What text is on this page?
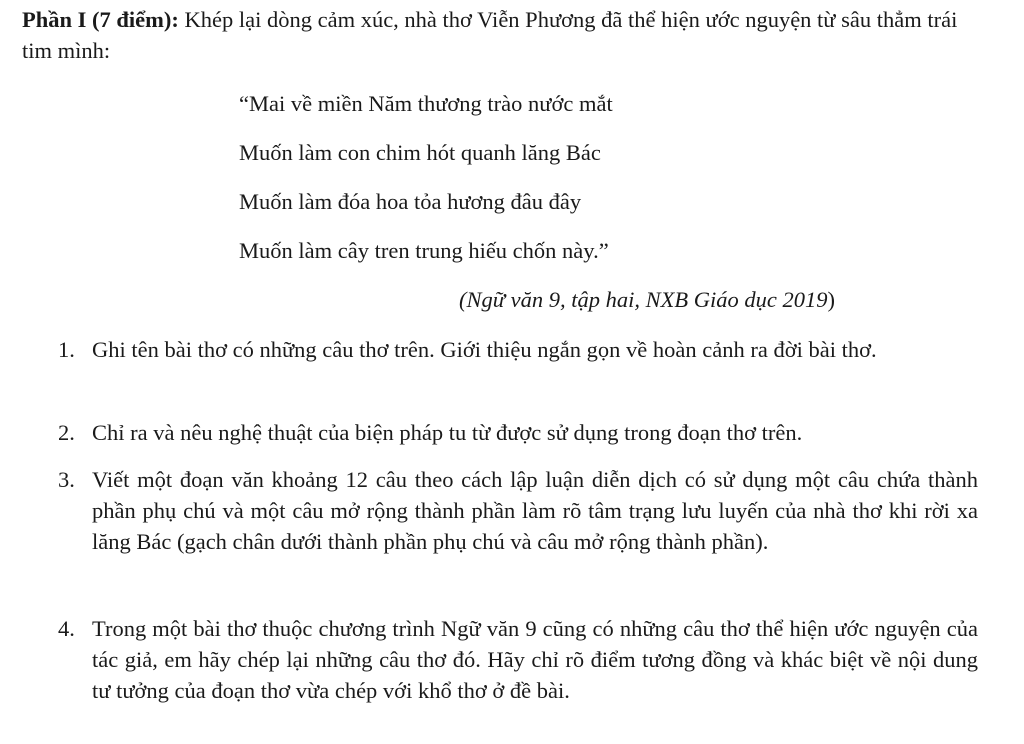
Phần I (7 điểm): Khép lại dòng cảm xúc, nhà thơ Viễn Phương đã thể hiện ước nguyện từ sâu thẳm trái tim mình:
“Mai về miền Năm thương trào nước mắt
Muốn làm con chim hót quanh lăng Bác
Muốn làm đóa hoa tỏa hương đâu đây
Muốn làm cây tren trung hiếu chốn này.”
(Ngữ văn 9, tập hai, NXB Giáo dục 2019)
1. Ghi tên bài thơ có những câu thơ trên. Giới thiệu ngắn gọn về hoàn cảnh ra đời bài thơ.
2. Chỉ ra và nêu nghệ thuật của biện pháp tu từ được sử dụng trong đoạn thơ trên.
3. Viết một đoạn văn khoảng 12 câu theo cách lập luận diễn dịch có sử dụng một câu chứa thành phần phụ chú và một câu mở rộng thành phần làm rõ tâm trạng lưu luyến của nhà thơ khi rời xa lăng Bác (gạch chân dưới thành phần phụ chú và câu mở rộng thành phần).
4. Trong một bài thơ thuộc chương trình Ngữ văn 9 cũng có những câu thơ thể hiện ước nguyện của tác giả, em hãy chép lại những câu thơ đó. Hãy chỉ rõ điểm tương đồng và khác biệt về nội dung tư tưởng của đoạn thơ vừa chép với khổ thơ ở đề bài.
